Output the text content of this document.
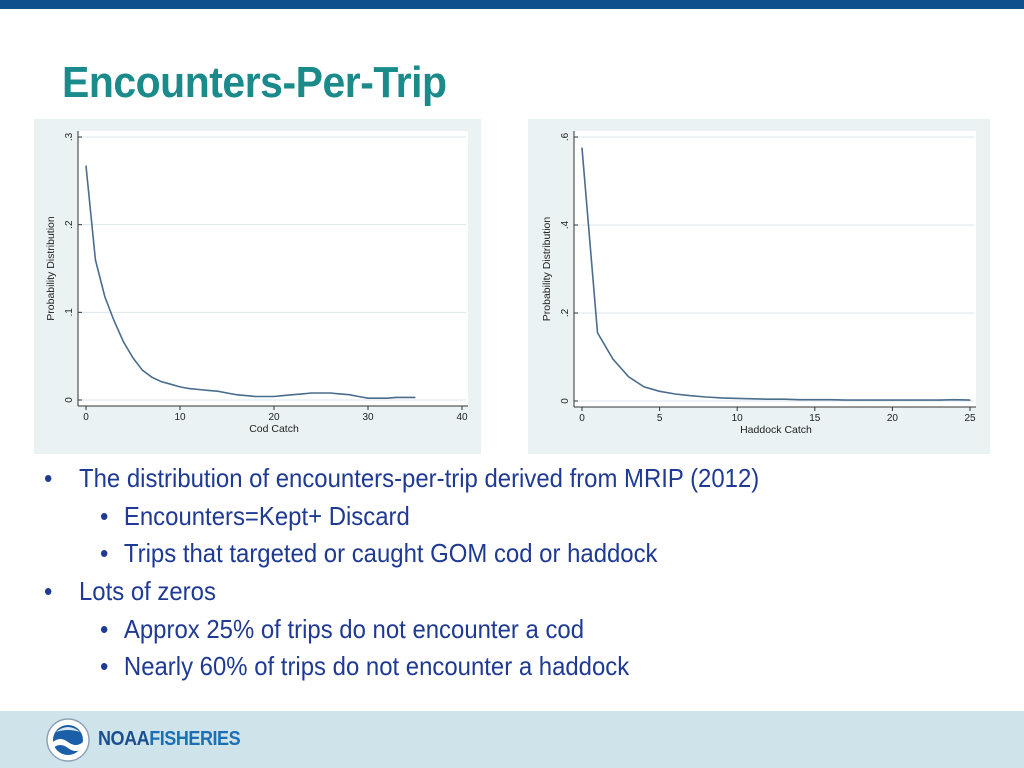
Encounters-Per-Trip
.3
.2
.1
0
0	10	20	30	40
Cod Catch
Probability Distribution
.6
.4
.2
0
0	5	10	15	20	25
Haddock Catch
Probability Distribution
• The distribution of encounters-per-trip derived from MRIP (2012)
• Encounters=Kept+ Discard
• Trips that targeted or caught GOM cod or haddock
• Lots of zeros
• Approx 25% of trips do not encounter a cod
• Nearly 60% of trips do not encounter a haddock
NOAAFISHERIES
